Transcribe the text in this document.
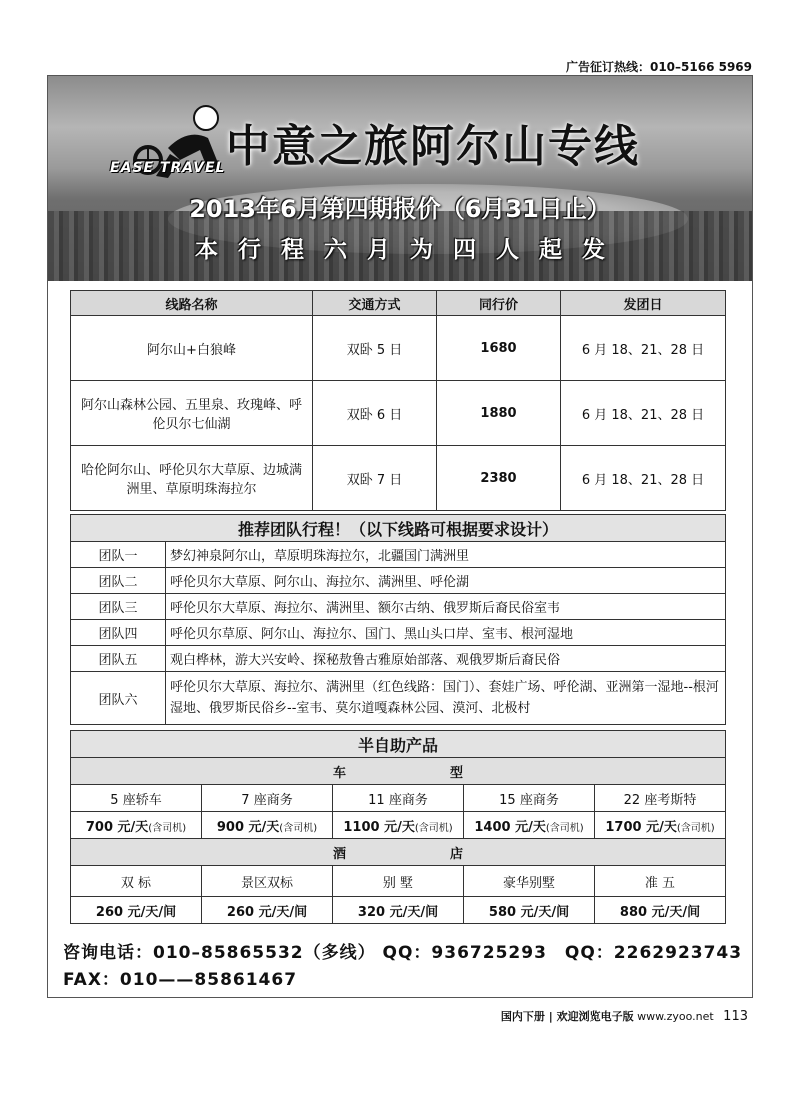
广告征订热线：010–5166 5969
EASE TRAVEL 中意之旅阿尔山专线
2013年6月第四期报价（6月31日止）
本行程六月为四人起发
线路名称	交通方式	同行价	发团日
阿尔山+白狼峰	双卧 5 日	1680	6 月 18、21、28 日
阿尔山森林公园、五里泉、玫瑰峰、呼伦贝尔七仙湖	双卧 6 日	1880	6 月 18、21、28 日
哈伦阿尔山、呼伦贝尔大草原、边城满洲里、草原明珠海拉尔	双卧 7 日	2380	6 月 18、21、28 日
推荐团队行程！（以下线路可根据要求设计）	
团队一	梦幻神泉阿尔山，草原明珠海拉尔，北疆国门满洲里
团队二	呼伦贝尔大草原、阿尔山、海拉尔、满洲里、呼伦湖
团队三	呼伦贝尔大草原、海拉尔、满洲里、额尔古纳、俄罗斯后裔民俗室韦
团队四	呼伦贝尔草原、阿尔山、海拉尔、国门、黑山头口岸、室韦、根河湿地
团队五	观白桦林，游大兴安岭、探秘敖鲁古雅原始部落、观俄罗斯后裔民俗
团队六	呼伦贝尔大草原、海拉尔、满洲里（红色线路：国门）、套娃广场、呼伦湖、亚洲第一湿地--根河湿地、俄罗斯民俗乡--室韦、莫尔道嘎森林公园、漠河、北极村
半自助产品				
车　　　　　　　　型				
5 座轿车	7 座商务	11 座商务	15 座商务	22 座考斯特
700 元/天(含司机)	900 元/天(含司机)	1100 元/天(含司机)	1400 元/天(含司机)	1700 元/天(含司机)
酒　　　　　　　　店				
双 标	景区双标	别 墅	豪华别墅	准 五
260 元/天/间	260 元/天/间	320 元/天/间	580 元/天/间	880 元/天/间
咨询电话：010–85865532（多线） QQ：936725293　QQ：2262923743
FAX：010——85861467
国内下册 | 欢迎浏览电子版 www.zyoo.net 113
